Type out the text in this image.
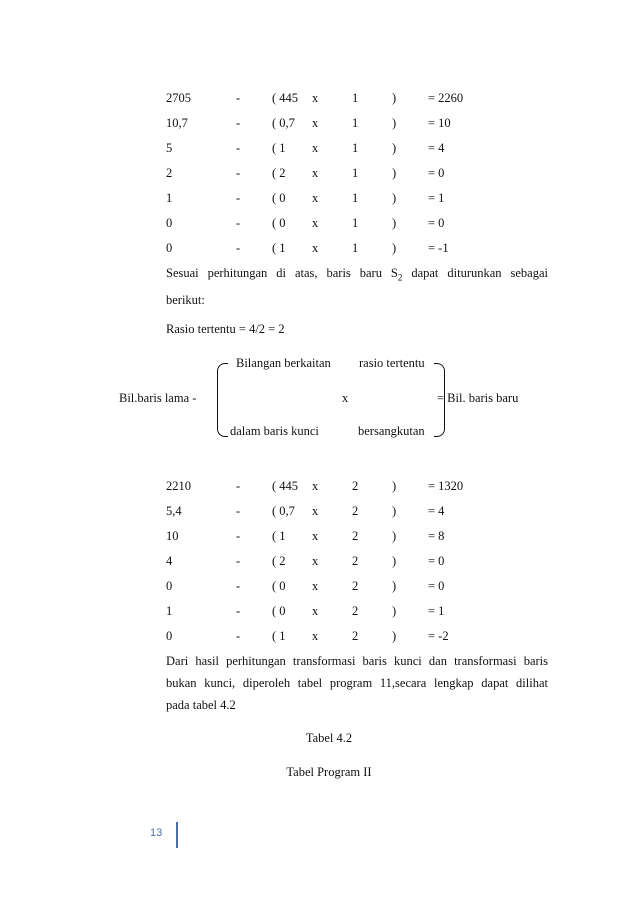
2705	-	( 445 x	1	)	= 2260
10,7	-	( 0,7 x	1	)	= 10
5	-	( 1 x	1	)	= 4
2	-	( 2 x	1	)	= 0
1	-	( 0 x	1	)	= 1
0	-	( 0 x	1	)	= 0
0	-	( 1 x	1	)	= -1
Sesuai perhitungan di atas, baris baru $S_2$ dapat diturunkan sebagai
berikut:
Rasio tertentu = 4/2 = 2
Bil.baris lama -
Bilangan berkaitan rasio tertentu
x
dalam baris kunci	bersangkutan
= Bil. baris baru
2210	-	( 445 x	2	)	= 1320
5,4	-	( 0,7 x	2	)	= 4
10	-	( 1 x	2	)	= 8
4	-	( 2 x	2	)	= 0
0	-	( 0 x	2	)	= 0
1	-	( 0 x	2	)	= 1
0	-	( 1 x	2	)	= -2
Dari hasil perhitungan transformasi baris kunci dan transformasi baris
bukan kunci, diperoleh tabel program 11,secara lengkap dapat dilihat
pada tabel 4.2
Tabel 4.2
Tabel Program II
13
